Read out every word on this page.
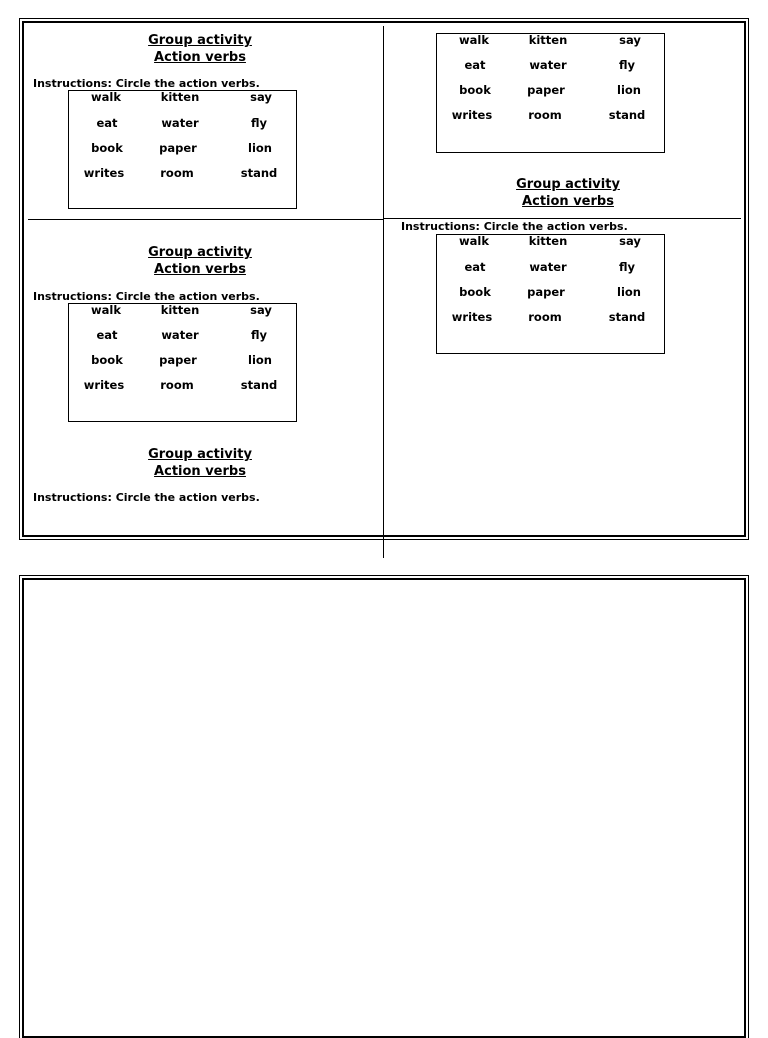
Group activity
Action verbs
Instructions: Circle the action verbs.
walk	kitten	say
eat	water	fly
book	paper	lion
writes	room	stand
walk	kitten	say
eat	water	fly
book	paper	lion
writes	room	stand
Group activity
Action verbs
Instructions: Circle the action verbs.
walk	kitten	say
eat	water	fly
book	paper	lion
writes	room	stand
Group activity
Action verbs
Instructions: Circle the action verbs.
walk	kitten	say
eat	water	fly
book	paper	lion
writes	room	stand
Group activity
Action verbs
Instructions: Circle the action verbs.
